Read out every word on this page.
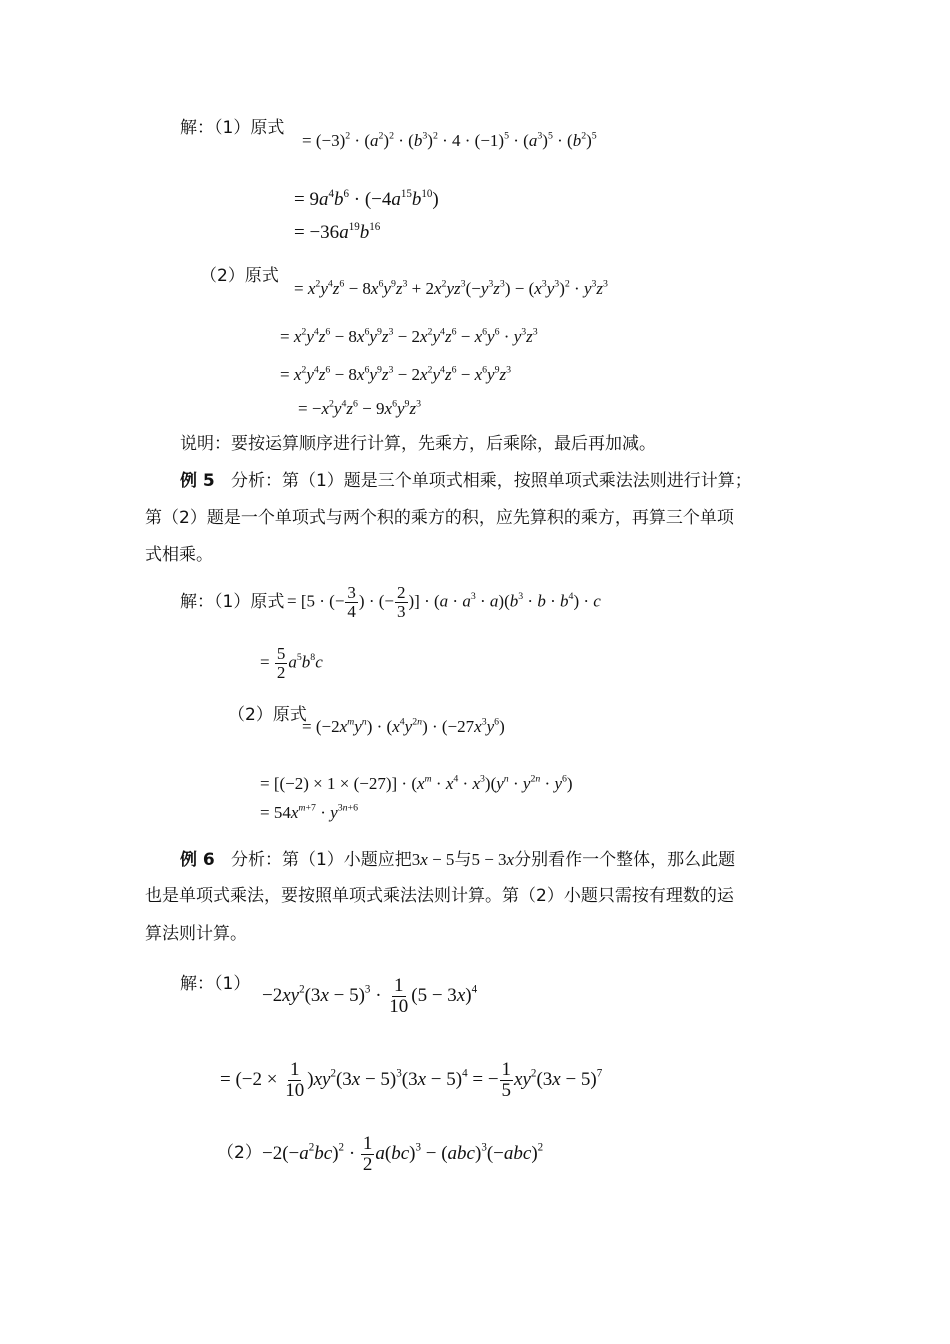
解：（1）原式
= $(-3)^2 \cdot (a^2)^2 \cdot (b^3)^2 \cdot 4 \cdot (-1)^5 \cdot (a^3)^5 \cdot (b^2)^5$
= $9a^4b^6 \cdot (-4a^{15}b^{10})$
= $-36a^{19}b^{16}$
（2）原式
= $x^2y^4z^6 - 8x^6y^9z^3 + 2x^2yz^3(-y^3z^3) - (x^3y^3)^2 \cdot y^3z^3$
= $x^2y^4z^6 - 8x^6y^9z^3 - 2x^2y^4z^6 - x^6y^6 \cdot y^3z^3$
= $x^2y^4z^6 - 8x^6y^9z^3 - 2x^2y^4z^6 - x^6y^9z^3$
= $-x^2y^4z^6 - 9x^6y^9z^3$
说明：要按运算顺序进行计算，先乘方，后乘除，最后再加减。
例 5 分析：第（1）题是三个单项式相乘，按照单项式乘法法则进行计算；
第（2）题是一个单项式与两个积的乘方的积，应先算积的乘方，再算三个单项
式相乘。
解：（1）原式 = [5 · (− $\frac{3}{4}$ ) · (− $\frac{2}{3}$ )] · $(a \cdot a^3 \cdot a)(b^3 \cdot b \cdot b^4) \cdot c$
= $\frac{5}{2} a^5b^8c$
（2）原式
= $(-2x^my^n) \cdot (x^4y^{2n}) \cdot (-27x^3y^6)$
= $[(-2) \times 1 \times (-27)] \cdot (x^m \cdot x^4 \cdot x^3)(y^n \cdot y^{2n} \cdot y^6)$
= $54x^{m+7} \cdot y^{3n+6}$
例 6 分析：第（1）小题应把3x − 5与5 − 3x分别看作一个整体，那么此题
也是单项式乘法，要按照单项式乘法法则计算。第（2）小题只需按有理数的运
算法则计算。
解：（1）
$-2xy^2(3x - 5)^3 \cdot \frac{1}{10} (5 - 3x)^4$
= $(-2 \times \frac{1}{10} )xy^2(3x - 5)^3(3x - 5)^4$ = − $\frac{1}{5} xy^2(3x - 5)^7$
$(2) -2(-a^2bc)^2 \cdot \frac{1}{2} a(bc)^3 - (abc)^3(-abc)^2$
